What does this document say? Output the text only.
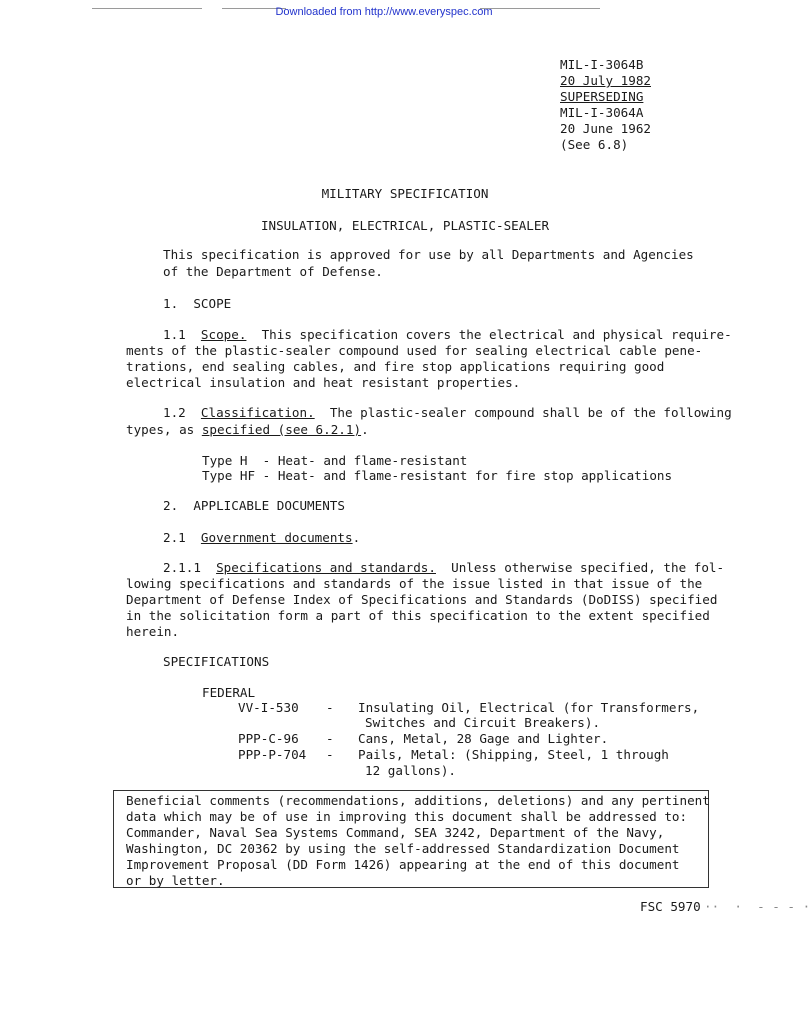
Downloaded from http://www.everyspec.com
MIL-I-3064B
20 July 1982
SUPERSEDING
MIL-I-3064A
20 June 1962
(See 6.8)
MILITARY SPECIFICATION
INSULATION, ELECTRICAL, PLASTIC-SEALER
This specification is approved for use by all Departments and Agencies
of the Department of Defense.
1.  SCOPE
1.1  Scope.  This specification covers the electrical and physical require-
ments of the plastic-sealer compound used for sealing electrical cable pene-
trations, end sealing cables, and fire stop applications requiring good
electrical insulation and heat resistant properties.
1.2  Classification.  The plastic-sealer compound shall be of the following
types, as specified (see 6.2.1).
Type H  - Heat- and flame-resistant
Type HF - Heat- and flame-resistant for fire stop applications
2.  APPLICABLE DOCUMENTS
2.1  Government documents.
2.1.1  Specifications and standards.  Unless otherwise specified, the fol-
lowing specifications and standards of the issue listed in that issue of the
Department of Defense Index of Specifications and Standards (DoDISS) specified
in the solicitation form a part of this specification to the extent specified
herein.
SPECIFICATIONS
FEDERAL
VV-I-530 - Insulating Oil, Electrical (for Transformers,
Switches and Circuit Breakers).
PPP-C-96 - Cans, Metal, 28 Gage and Lighter.
PPP-P-704 - Pails, Metal: (Shipping, Steel, 1 through
12 gallons).
Beneficial comments (recommendations, additions, deletions) and any pertinent
data which may be of use in improving this document shall be addressed to:
Commander, Naval Sea Systems Command, SEA 3242, Department of the Navy,
Washington, DC 20362 by using the self-addressed Standardization Document
Improvement Proposal (DD Form 1426) appearing at the end of this document
or by letter.
FSC 5970 ··  ·  - - - ·
